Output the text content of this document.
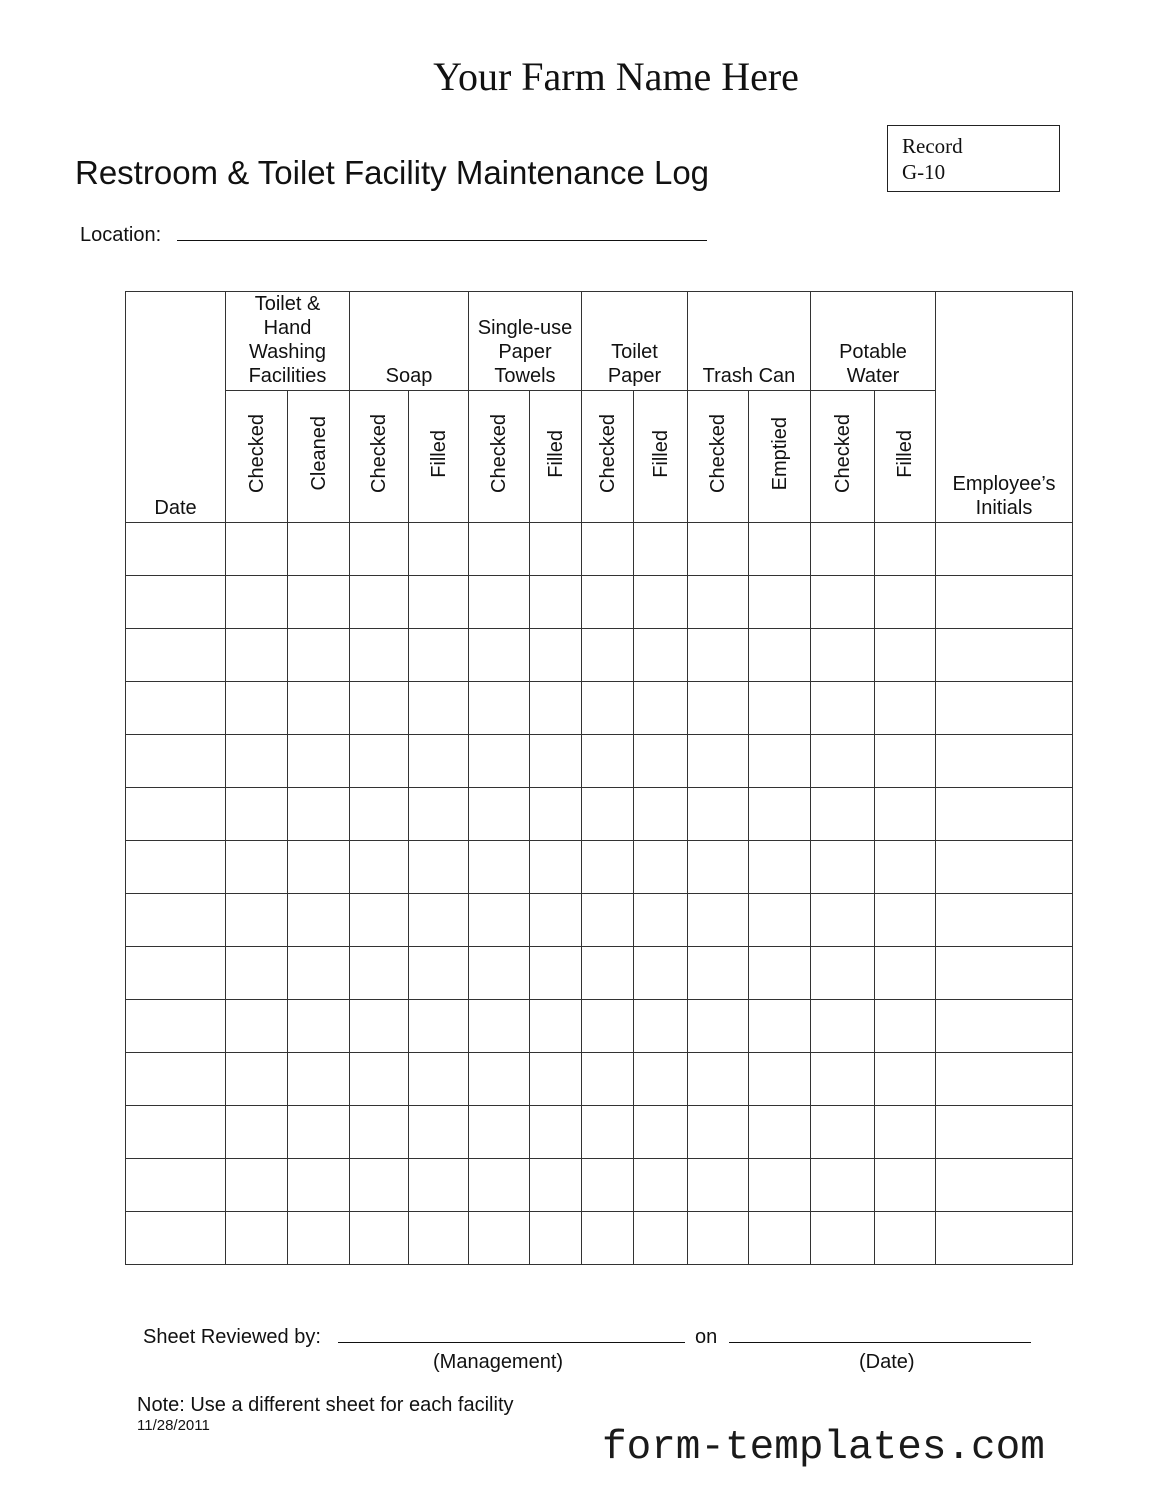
Your Farm Name Here
Record
G-10
Restroom & Toilet Facility Maintenance Log
Location:
Date	Toilet & Hand Washing Facilities		Soap		Single-use Paper Towels		Toilet Paper		Trash Can		Potable Water		Employee’s Initials

	Checked	Cleaned	Checked	Filled	Checked	Filled	Checked	Filled	Checked	Emptied	Checked	Filled	

Sheet Reviewed by:	on
(Management)	(Date)
Note: Use a different sheet for each facility
11/28/2011	form-templates.com
